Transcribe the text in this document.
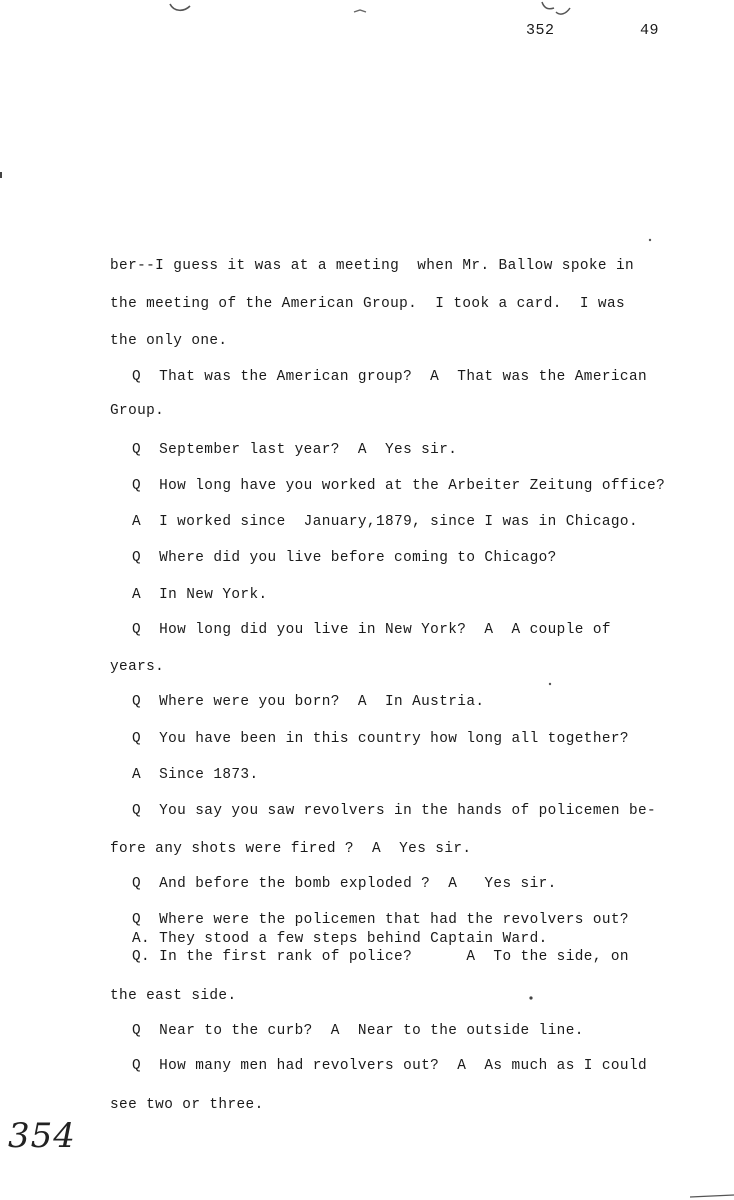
352	49
ber--I guess it was at a meeting  when Mr. Ballow spoke in
the meeting of the American Group.  I took a card.  I was
the only one.
Q  That was the American group?  A  That was the American
Group.
Q  September last year?  A  Yes sir.
Q  How long have you worked at the Arbeiter Zeitung office?
A  I worked since  January,1879, since I was in Chicago.
Q  Where did you live before coming to Chicago?
A  In New York.
Q  How long did you live in New York?  A  A couple of
years.
Q  Where were you born?  A  In Austria.
Q  You have been in this country how long all together?
A  Since 1873.
Q  You say you saw revolvers in the hands of policemen be-
fore any shots were fired ?  A  Yes sir.
Q  And before the bomb exploded ?  A   Yes sir.
Q  Where were the policemen that had the revolvers out?
A. They stood a few steps behind Captain Ward.
Q. In the first rank of police?      A  To the side, on
the east side.
Q  Near to the curb?  A  Near to the outside line.
Q  How many men had revolvers out?  A  As much as I could
see two or three.
354
